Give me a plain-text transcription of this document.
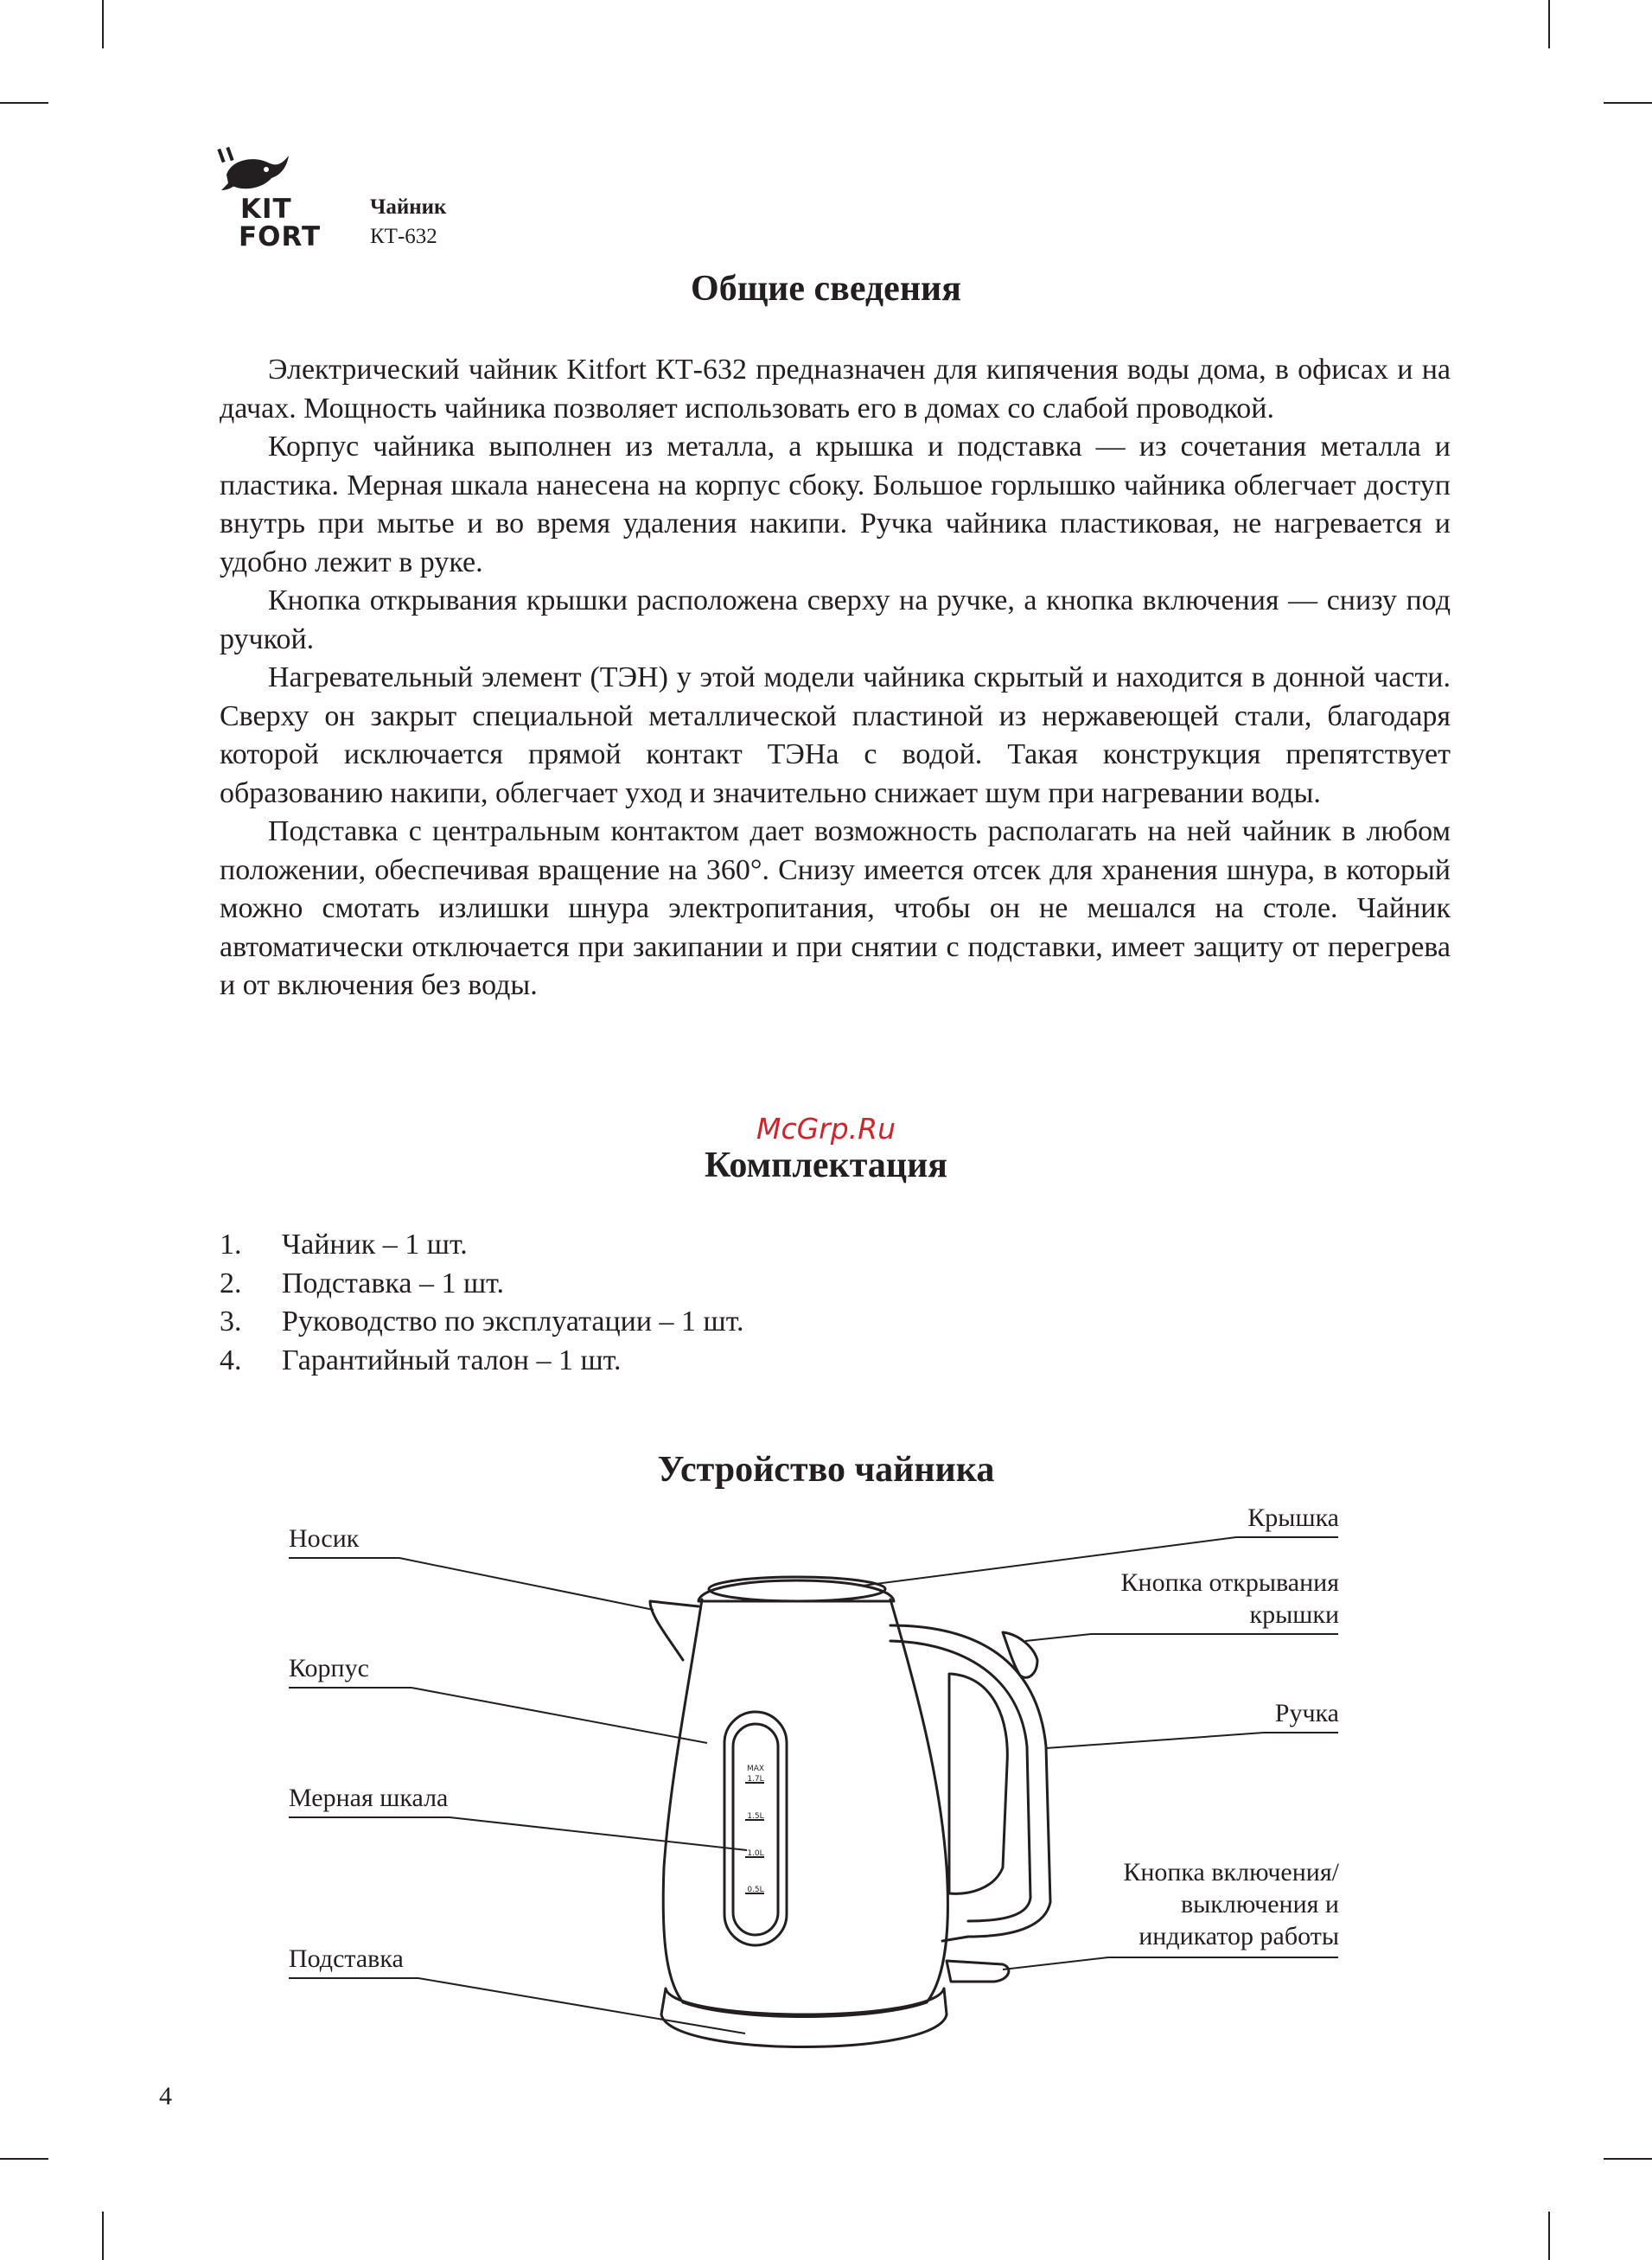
KIT
FORT
Чайник
КТ-632
Общие сведения

Электрический чайник Kitfort КТ-632 предназначен для кипячения воды дома, в офисах и на дачах. Мощность чайника позволяет использовать его в домах со слабой проводкой.

Корпус чайника выполнен из металла, а крышка и подставка — из сочетания металла и пластика. Мерная шкала нанесена на корпус сбоку. Большое горлышко чайника облегчает доступ внутрь при мытье и во время удаления накипи. Ручка чайника пластиковая, не нагревается и удобно лежит в руке.

Кнопка открывания крышки расположена сверху на ручке, а кнопка включения — снизу под ручкой.

Нагревательный элемент (ТЭН) у этой модели чайника скрытый и находится в донной части. Сверху он закрыт специальной металлической пластиной из нержавеющей стали, благодаря которой исключается прямой контакт ТЭНа с водой. Такая конструкция препятствует образованию накипи, облегчает уход и значительно снижает шум при нагревании воды.

Подставка с центральным контактом дает возможность располагать на ней чайник в любом положении, обеспечивая вращение на 360°. Снизу имеется отсек для хранения шнура, в который можно смотать излишки шнура электропитания, чтобы он не мешался на столе. Чайник автоматически отключается при закипании и при снятии с подставки, имеет защиту от перегрева и от включения без воды.

McGrp.Ru
Комплектация
1. Чайник – 1 шт.
2. Подставка – 1 шт.
3. Руководство по эксплуатации – 1 шт.
4. Гарантийный талон – 1 шт.
Устройство чайника
MAX
1.7L
1.5L
1.0L
0.5L
Носик
Корпус
Мерная шкала
Подставка
Крышка
Кнопка открывания
крышки
Ручка
Кнопка включения/
выключения и
индикатор работы
4
